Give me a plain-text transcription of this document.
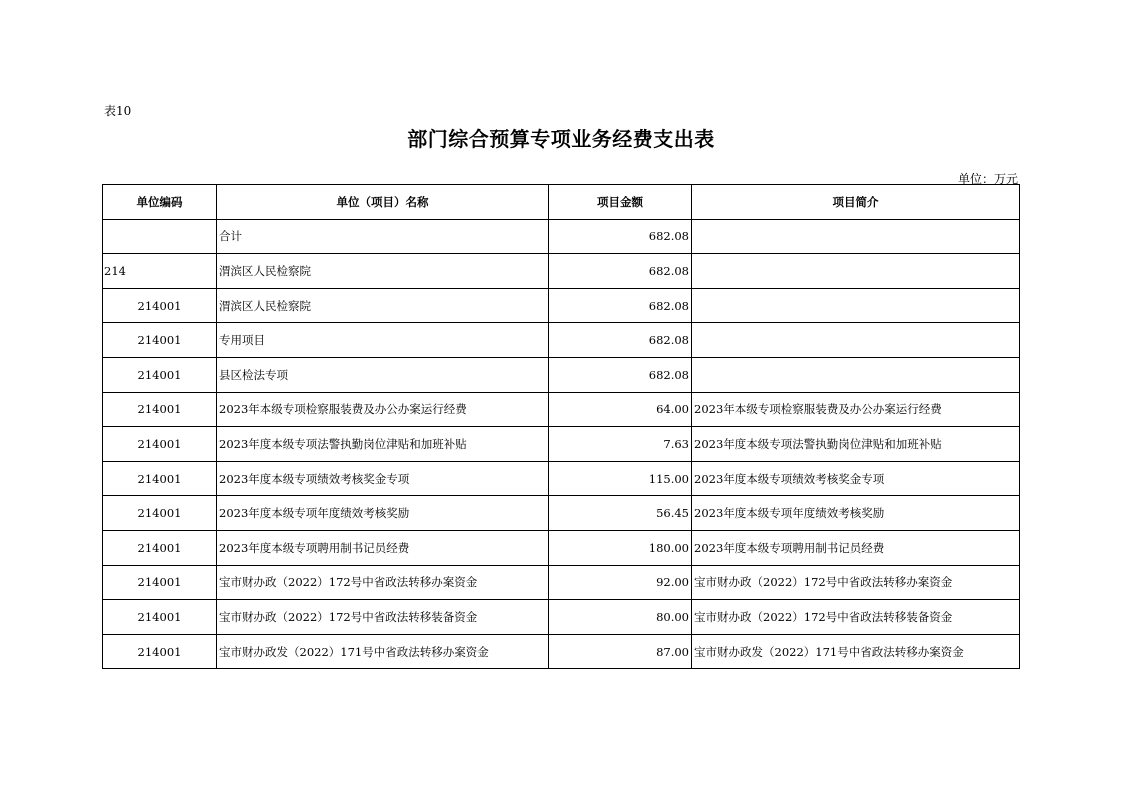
表10
部门综合预算专项业务经费支出表
单位：万元
单位编码	单位（项目）名称	项目金额	项目简介
	合计	682.08	
214	渭滨区人民检察院	682.08	
214001	渭滨区人民检察院	682.08	
214001	专用项目	682.08	
214001	县区检法专项	682.08	
214001	2023年本级专项检察服装费及办公办案运行经费	64.00	2023年本级专项检察服装费及办公办案运行经费
214001	2023年度本级专项法警执勤岗位津贴和加班补贴	7.63	2023年度本级专项法警执勤岗位津贴和加班补贴
214001	2023年度本级专项绩效考核奖金专项	115.00	2023年度本级专项绩效考核奖金专项
214001	2023年度本级专项年度绩效考核奖励	56.45	2023年度本级专项年度绩效考核奖励
214001	2023年度本级专项聘用制书记员经费	180.00	2023年度本级专项聘用制书记员经费
214001	宝市财办政（2022）172号中省政法转移办案资金	92.00	宝市财办政（2022）172号中省政法转移办案资金
214001	宝市财办政（2022）172号中省政法转移装备资金	80.00	宝市财办政（2022）172号中省政法转移装备资金
214001	宝市财办政发（2022）171号中省政法转移办案资金	87.00	宝市财办政发（2022）171号中省政法转移办案资金
